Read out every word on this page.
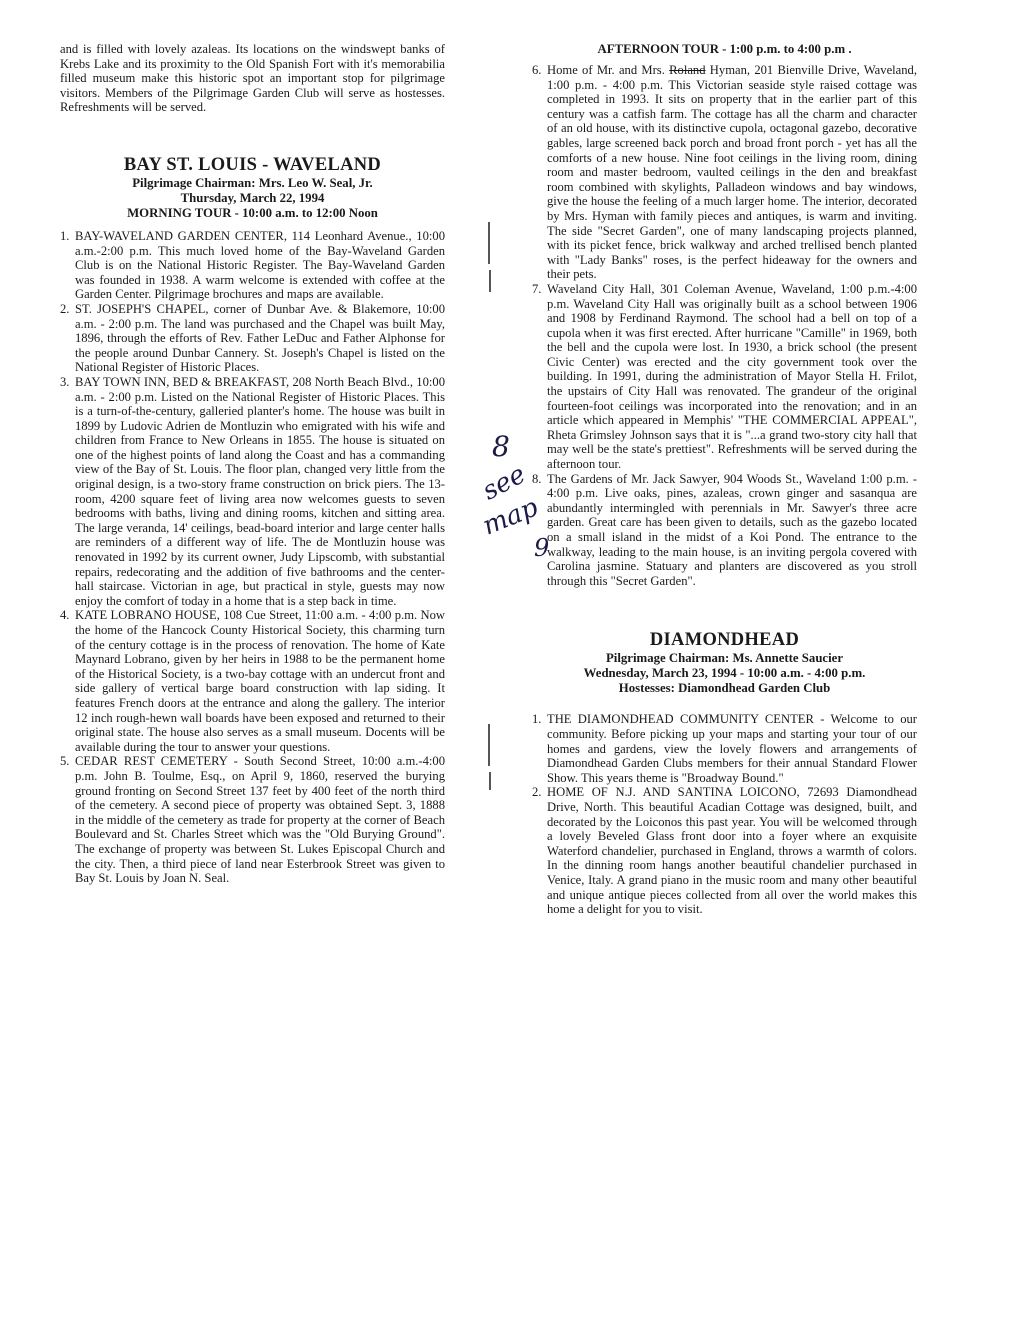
and is filled with lovely azaleas. Its locations on the windswept banks of Krebs Lake and its proximity to the Old Spanish Fort with it's memorabilia filled museum make this historic spot an important stop for pilgrimage visitors. Members of the Pilgrimage Garden Club will serve as hostesses. Refreshments will be served.

BAY ST. LOUIS - WAVELAND
Pilgrimage Chairman: Mrs. Leo W. Seal, Jr.
Thursday, March 22, 1994
MORNING TOUR - 10:00 a.m. to 12:00 Noon
1. BAY-WAVELAND GARDEN CENTER, 114 Leonhard Avenue., 10:00 a.m.-2:00 p.m. This much loved home of the Bay-Waveland Garden Club is on the National Historic Register. The Bay-Waveland Garden was founded in 1938. A warm welcome is extended with coffee at the Garden Center. Pilgrimage brochures and maps are available.
2. ST. JOSEPH'S CHAPEL, corner of Dunbar Ave. & Blakemore, 10:00 a.m. - 2:00 p.m. The land was purchased and the Chapel was built May, 1896, through the efforts of Rev. Father LeDuc and Father Alphonse for the people around Dunbar Cannery. St. Joseph's Chapel is listed on the National Register of Historic Places.
3. BAY TOWN INN, BED & BREAKFAST, 208 North Beach Blvd., 10:00 a.m. - 2:00 p.m. Listed on the National Register of Historic Places. This is a turn-of-the-century, galleried planter's home. The house was built in 1899 by Ludovic Adrien de Montluzin who emigrated with his wife and children from France to New Orleans in 1855. The house is situated on one of the highest points of land along the Coast and has a commanding view of the Bay of St. Louis. The floor plan, changed very little from the original design, is a two-story frame construction on brick piers. The 13-room, 4200 square feet of living area now welcomes guests to seven bedrooms with baths, living and dining rooms, kitchen and sitting area. The large veranda, 14' ceilings, bead-board interior and large center halls are reminders of a different way of life. The de Montluzin house was renovated in 1992 by its current owner, Judy Lipscomb, with substantial repairs, redecorating and the addition of five bathrooms and the center-hall staircase. Victorian in age, but practical in style, guests may now enjoy the comfort of today in a home that is a step back in time.
4. KATE LOBRANO HOUSE, 108 Cue Street, 11:00 a.m. - 4:00 p.m. Now the home of the Hancock County Historical Society, this charming turn of the century cottage is in the process of renovation. The home of Kate Maynard Lobrano, given by her heirs in 1988 to be the permanent home of the Historical Society, is a two-bay cottage with an undercut front and side gallery of vertical barge board construction with lap siding. It features French doors at the entrance and along the gallery. The interior 12 inch rough-hewn wall boards have been exposed and returned to their original state. The house also serves as a small museum. Docents will be available during the tour to answer your questions.
5. CEDAR REST CEMETERY - South Second Street, 10:00 a.m.-4:00 p.m. John B. Toulme, Esq., on April 9, 1860, reserved the burying ground fronting on Second Street 137 feet by 400 feet of the north third of the cemetery. A second piece of property was obtained Sept. 3, 1888 in the middle of the cemetery as trade for property at the corner of Beach Boulevard and St. Charles Street which was the "Old Burying Ground". The exchange of property was between St. Lukes Episcopal Church and the city. Then, a third piece of land near Esterbrook Street was given to Bay St. Louis by Joan N. Seal.
8
see
map
9
AFTERNOON TOUR - 1:00 p.m. to 4:00 p.m .
6. Home of Mr. and Mrs. Roland Hyman, 201 Bienville Drive, Waveland, 1:00 p.m. - 4:00 p.m. This Victorian seaside style raised cottage was completed in 1993. It sits on property that in the earlier part of this century was a catfish farm. The cottage has all the charm and character of an old house, with its distinctive cupola, octagonal gazebo, decorative gables, large screened back porch and broad front porch - yet has all the comforts of a new house. Nine foot ceilings in the living room, dining room and master bedroom, vaulted ceilings in the den and breakfast room combined with skylights, Palladeon windows and bay windows, give the house the feeling of a much larger home. The interior, decorated by Mrs. Hyman with family pieces and antiques, is warm and inviting. The side "Secret Garden", one of many landscaping projects planned, with its picket fence, brick walkway and arched trellised bench planted with "Lady Banks" roses, is the perfect hideaway for the owners and their pets.
7. Waveland City Hall, 301 Coleman Avenue, Waveland, 1:00 p.m.-4:00 p.m. Waveland City Hall was originally built as a school between 1906 and 1908 by Ferdinand Raymond. The school had a bell on top of a cupola when it was first erected. After hurricane "Camille" in 1969, both the bell and the cupola were lost. In 1930, a brick school (the present Civic Center) was erected and the city government took over the building. In 1991, during the administration of Mayor Stella H. Frilot, the upstairs of City Hall was renovated. The grandeur of the original fourteen-foot ceilings was incorporated into the renovation; and in an article which appeared in Memphis' "THE COMMERCIAL APPEAL", Rheta Grimsley Johnson says that it is "...a grand two-story city hall that may well be the state's prettiest". Refreshments will be served during the afternoon tour.
8. The Gardens of Mr. Jack Sawyer, 904 Woods St., Waveland 1:00 p.m. - 4:00 p.m. Live oaks, pines, azaleas, crown ginger and sasanqua are abundantly intermingled with perennials in Mr. Sawyer's three acre garden. Great care has been given to details, such as the gazebo located on a small island in the midst of a Koi Pond. The entrance to the walkway, leading to the main house, is an inviting pergola covered with Carolina jasmine. Statuary and planters are discovered as you stroll through this "Secret Garden".
DIAMONDHEAD
Pilgrimage Chairman: Ms. Annette Saucier
Wednesday, March 23, 1994 - 10:00 a.m. - 4:00 p.m.
Hostesses: Diamondhead Garden Club
1. THE DIAMONDHEAD COMMUNITY CENTER - Welcome to our community. Before picking up your maps and starting your tour of our homes and gardens, view the lovely flowers and arrangements of Diamondhead Garden Clubs members for their annual Standard Flower Show. This years theme is "Broadway Bound."
2. HOME OF N.J. AND SANTINA LOICONO, 72693 Diamondhead Drive, North. This beautiful Acadian Cottage was designed, built, and decorated by the Loiconos this past year. You will be welcomed through a lovely Beveled Glass front door into a foyer where an exquisite Waterford chandelier, purchased in England, throws a warmth of colors. In the dinning room hangs another beautiful chandelier purchased in Venice, Italy. A grand piano in the music room and many other beautiful and unique antique pieces collected from all over the world makes this home a delight for you to visit.
